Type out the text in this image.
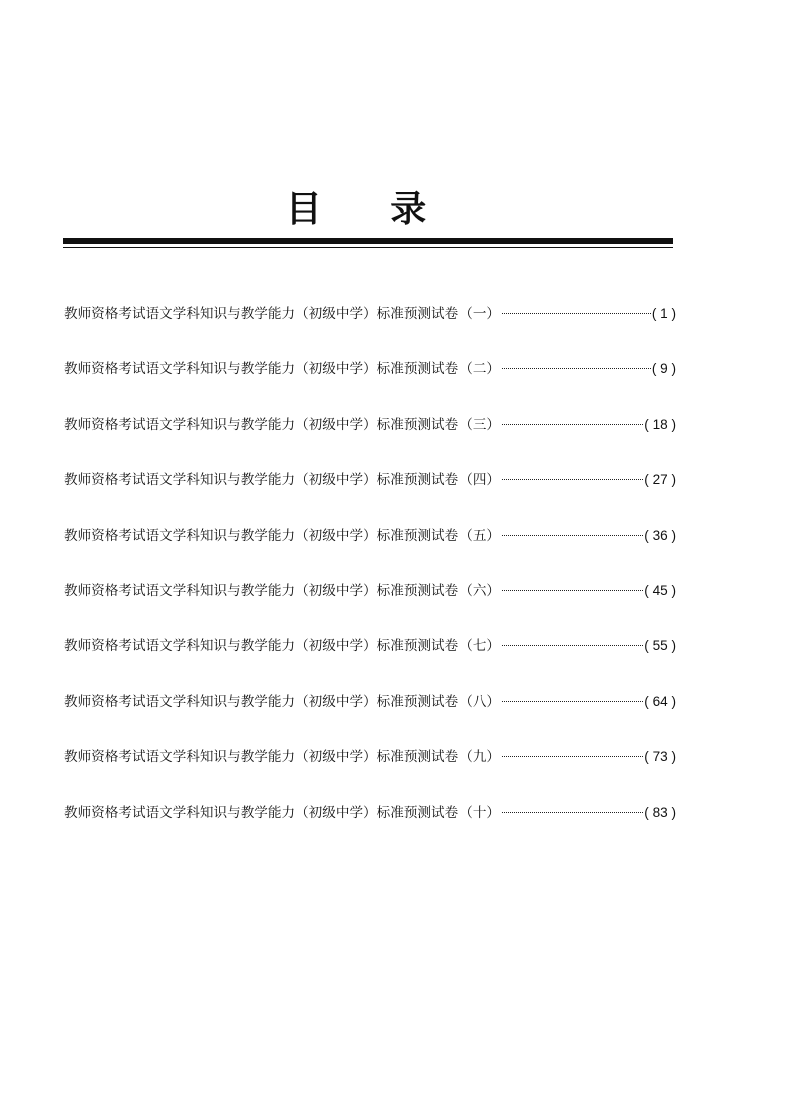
目 录
教师资格考试语文学科知识与教学能力（初级中学）标准预测试卷 （一）	( 1 )
教师资格考试语文学科知识与教学能力（初级中学）标准预测试卷 （二）	( 9 )
教师资格考试语文学科知识与教学能力（初级中学）标准预测试卷 （三）	( 18 )
教师资格考试语文学科知识与教学能力（初级中学）标准预测试卷 （四）	( 27 )
教师资格考试语文学科知识与教学能力（初级中学）标准预测试卷 （五）	( 36 )
教师资格考试语文学科知识与教学能力（初级中学）标准预测试卷 （六）	( 45 )
教师资格考试语文学科知识与教学能力（初级中学）标准预测试卷 （七）	( 55 )
教师资格考试语文学科知识与教学能力（初级中学）标准预测试卷 （八）	( 64 )
教师资格考试语文学科知识与教学能力（初级中学）标准预测试卷 （九）	( 73 )
教师资格考试语文学科知识与教学能力（初级中学）标准预测试卷 （十）	( 83 )
